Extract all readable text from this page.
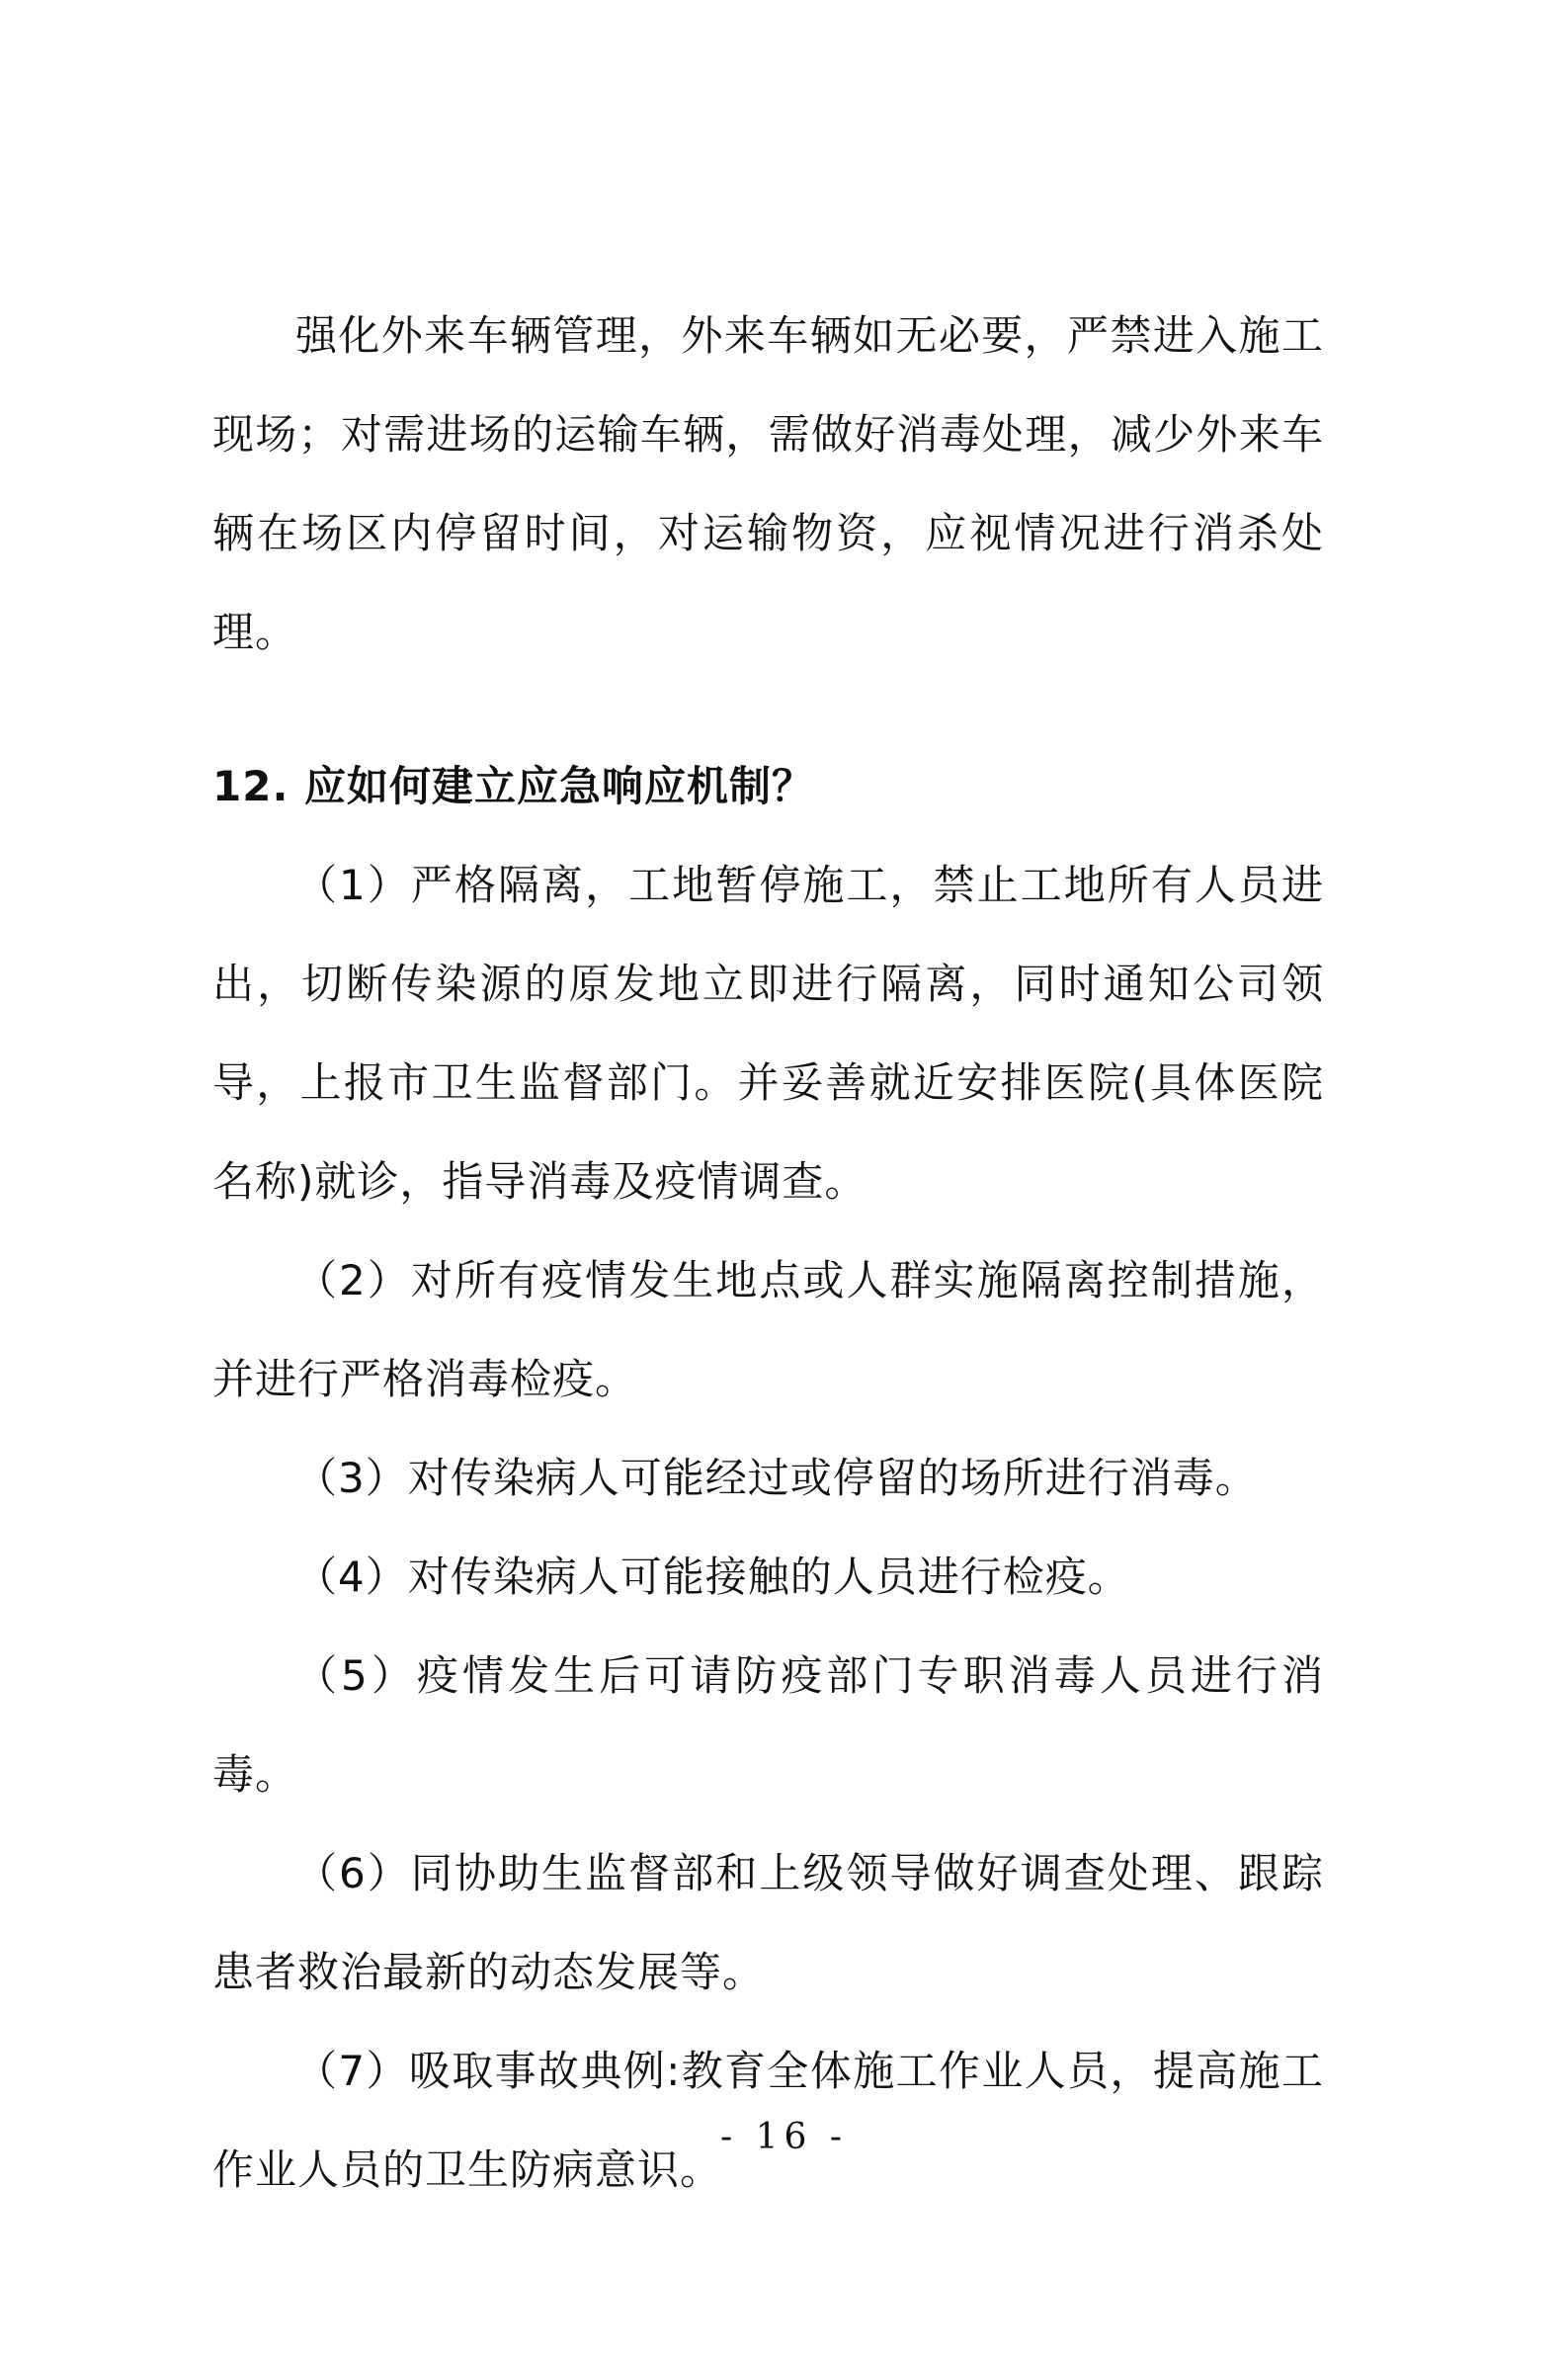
强化外来车辆管理，外来车辆如无必要，严禁进入施工现场；对需进场的运输车辆，需做好消毒处理，减少外来车辆在场区内停留时间，对运输物资，应视情况进行消杀处理。

12. 应如何建立应急响应机制？

（1）严格隔离，工地暂停施工，禁止工地所有人员进出，切断传染源的原发地立即进行隔离，同时通知公司领导，上报市卫生监督部门。并妥善就近安排医院(具体医院名称)就诊，指导消毒及疫情调查。

（2）对所有疫情发生地点或人群实施隔离控制措施，并进行严格消毒检疫。

（3）对传染病人可能经过或停留的场所进行消毒。

（4）对传染病人可能接触的人员进行检疫。

（5）疫情发生后可请防疫部门专职消毒人员进行消毒。

（6）同协助生监督部和上级领导做好调查处理、跟踪患者救治最新的动态发展等。

（7）吸取事故典例:教育全体施工作业人员，提高施工作业人员的卫生防病意识。

- 16 -
